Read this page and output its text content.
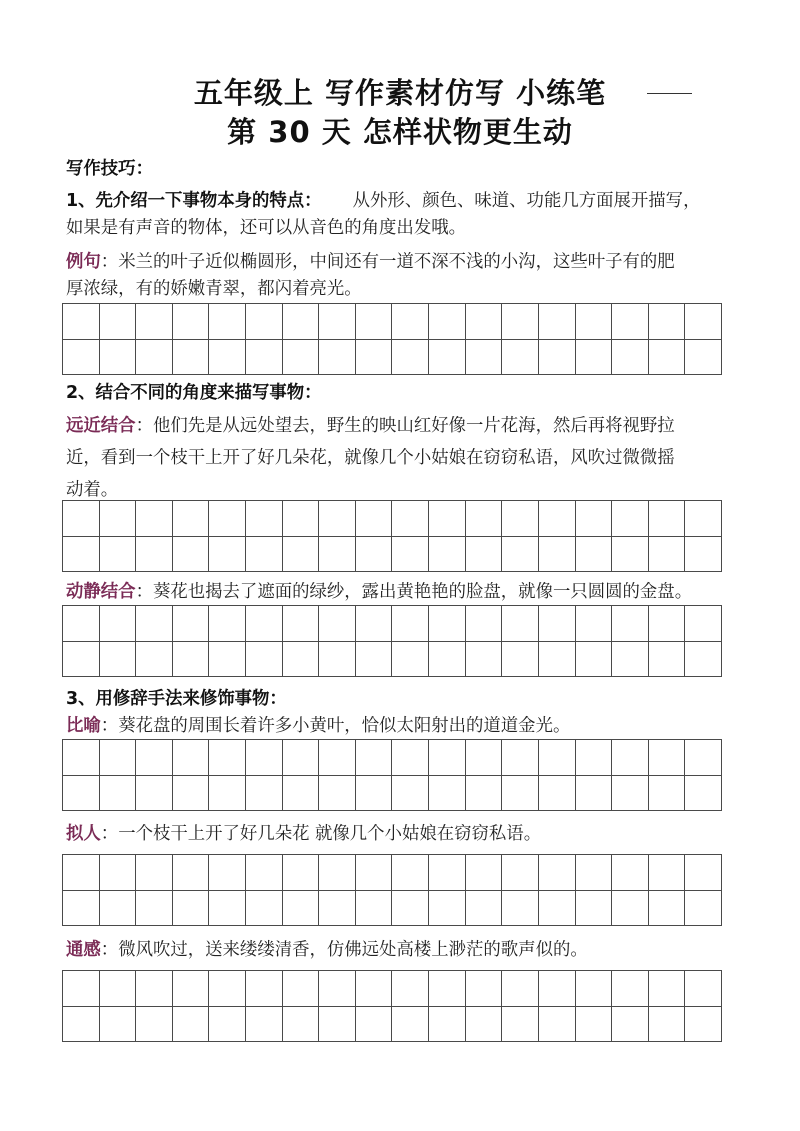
五年级上 写作素材仿写 小练笔
第 30 天 怎样状物更生动
写作技巧：
1、先介绍一下事物本身的特点： 从外形、颜色、味道、功能几方面展开描写，
如果是有声音的物体，还可以从音色的角度出发哦。
例句：米兰的叶子近似椭圆形，中间还有一道不深不浅的小沟，这些叶子有的肥
厚浓绿，有的娇嫩青翠，都闪着亮光。
2、结合不同的角度来描写事物：
远近结合：他们先是从远处望去，野生的映山红好像一片花海，然后再将视野拉
近，看到一个枝干上开了好几朵花，就像几个小姑娘在窃窃私语，风吹过微微摇
动着。
动静结合：葵花也揭去了遮面的绿纱，露出黄艳艳的脸盘，就像一只圆圆的金盘。
3、用修辞手法来修饰事物：
比喻：葵花盘的周围长着许多小黄叶，恰似太阳射出的道道金光。
拟人：一个枝干上开了好几朵花 就像几个小姑娘在窃窃私语。
通感：微风吹过，送来缕缕清香，仿佛远处高楼上渺茫的歌声似的。
